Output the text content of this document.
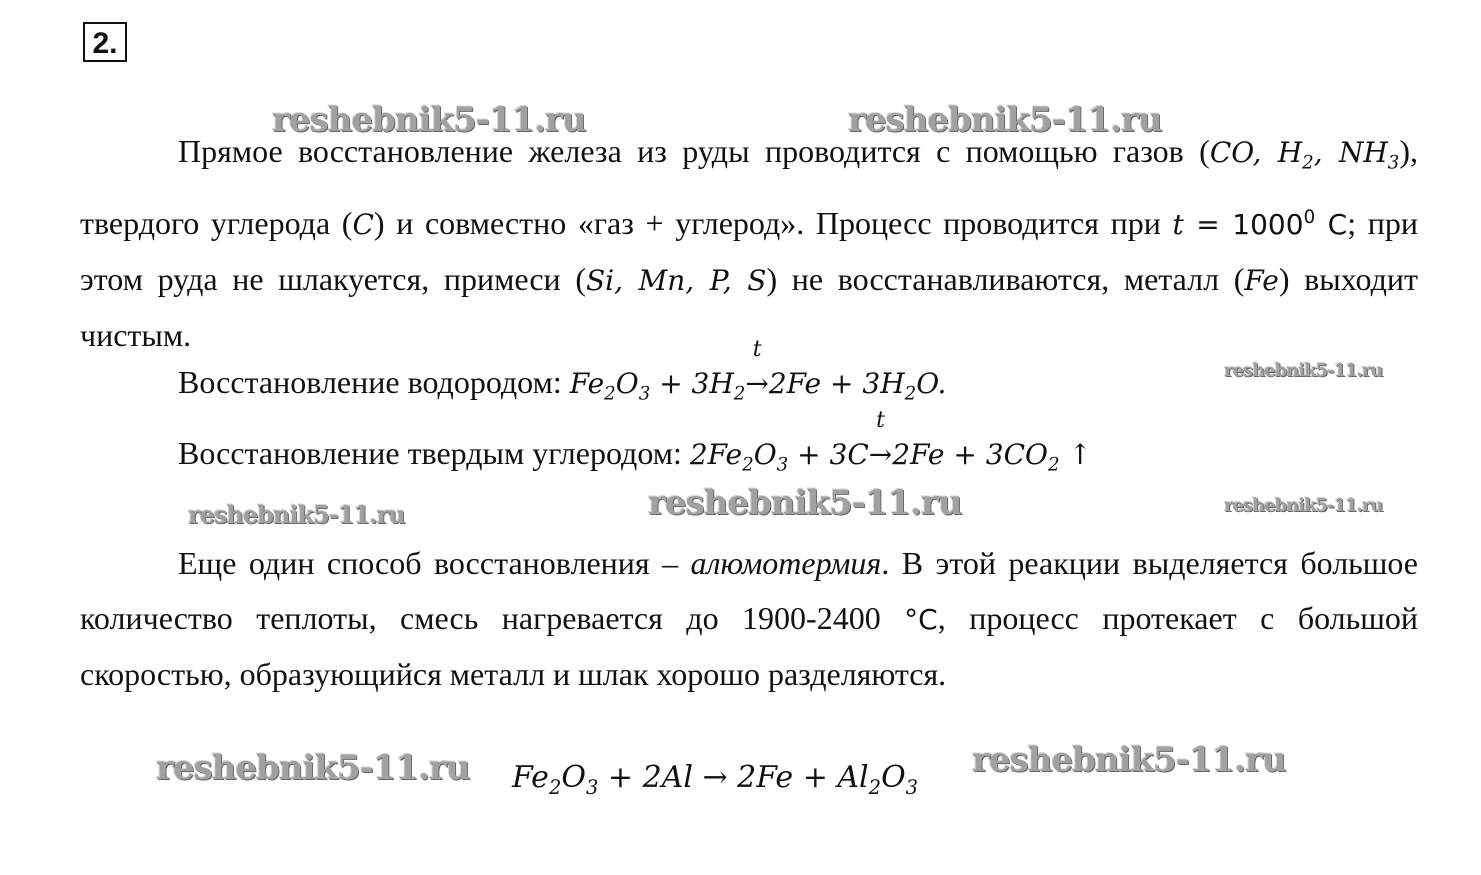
2.

Прямое восстановление железа из руды проводится с помощью газов (CO, $H_2$, $NH_3$), твердого углерода (C) и совместно «газ + углерод». Процесс проводится при $t = 1000^0$ C; при этом руда не шлакуется, примеси (Si, Mn, P, S) не восстанавливаются, металл (Fe) выходит чистым.

Восстановление водородом: $Fe_2O_3 + 3H_2$
t
$\to 2Fe + 3H_2O$.
Восстановление твердым углеродом: $2Fe_2O_3 + 3C$
t
$\to 2Fe + 3CO_2$ ↑

Еще один способ восстановления – алюмотермия. В этой реакции выделяется большое количество теплоты, смесь нагревается до 1900-2400 °C, процесс протекает с большой скоростью, образующийся металл и шлак хорошо разделяются.

$Fe_2O_3 + 2Al \to 2Fe + Al_2O_3$
reshebnik5-11.ru	reshebnik5-11.ru
reshebnik5-11.ru
reshebnik5-11.ru	reshebnik5-11.ru	reshebnik5-11.ru
reshebnik5-11.ru	reshebnik5-11.ru
